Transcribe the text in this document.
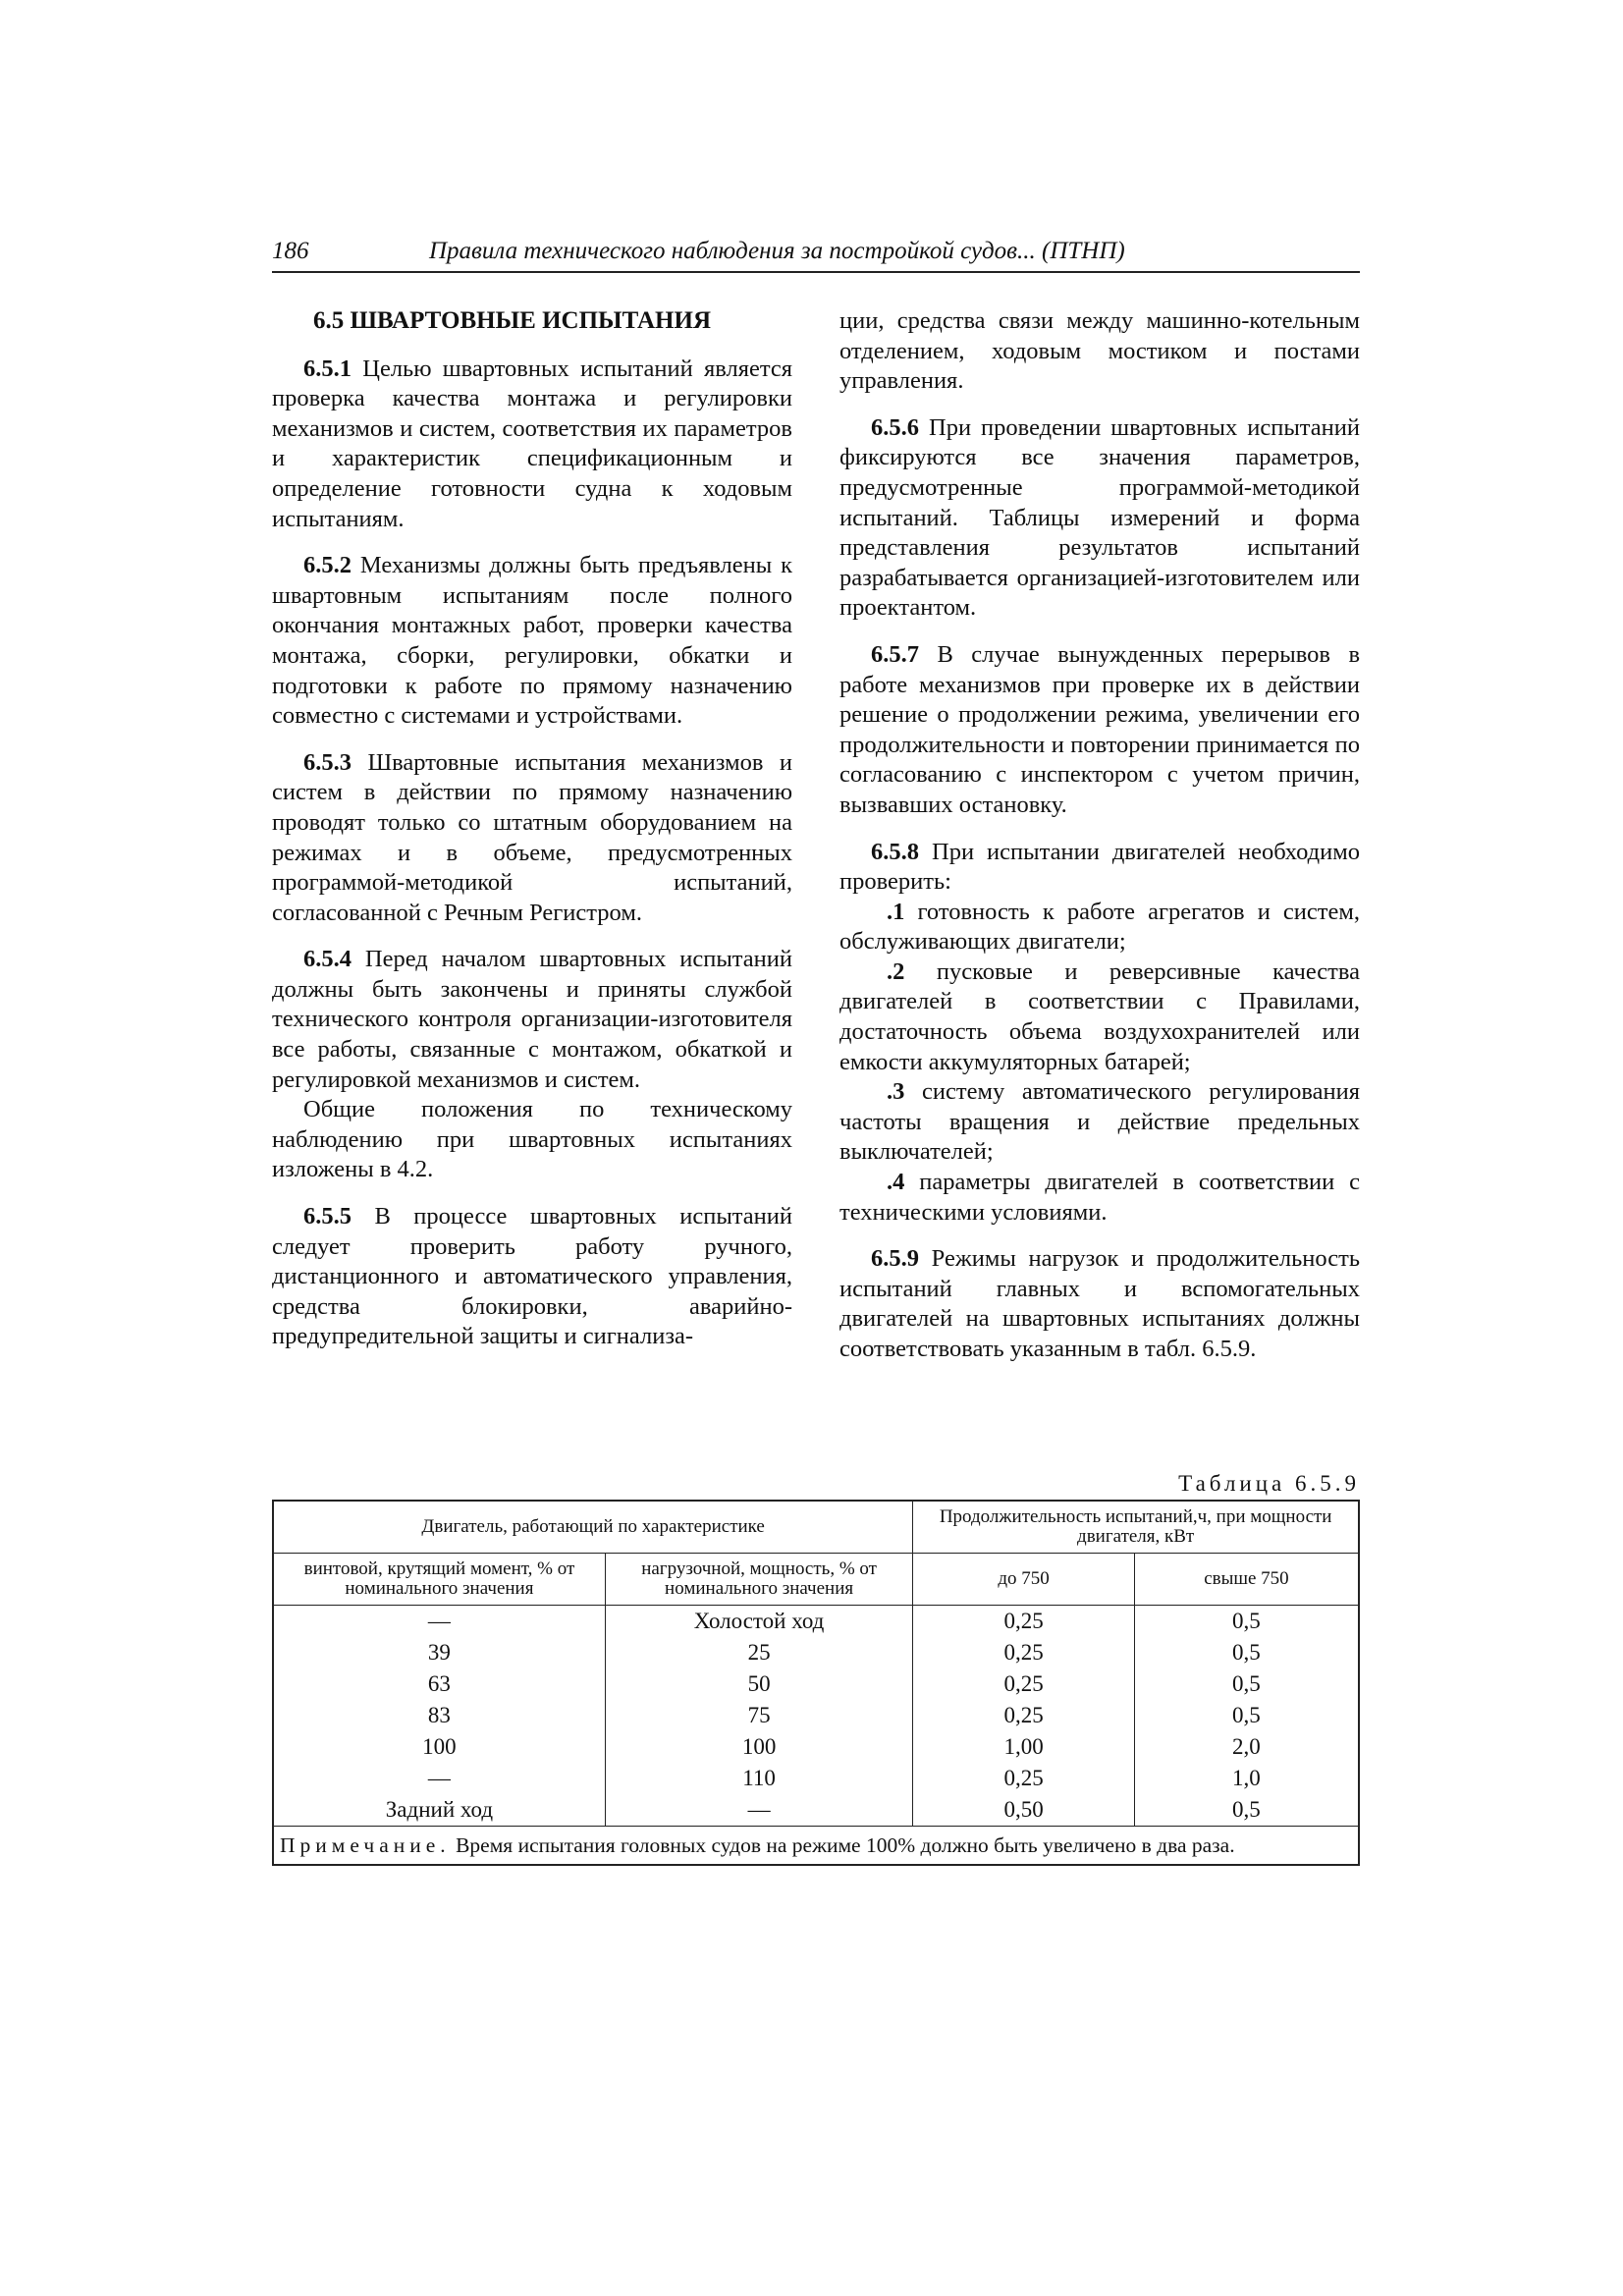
186	Правила технического наблюдения за постройкой судов... (ПТНП)
6.5 ШВАРТОВНЫЕ ИСПЫТАНИЯ

6.5.1 Целью швартовных испытаний является проверка качества монтажа и регулировки механизмов и систем, соответствия их параметров и характеристик спецификационным и определение готовности судна к ходовым испытаниям.

6.5.2 Механизмы должны быть предъявлены к швартовным испытаниям после полного окончания монтажных работ, проверки качества монтажа, сборки, регулировки, обкатки и подготовки к работе по прямому назначению совместно с системами и устройствами.

6.5.3 Швартовные испытания механизмов и систем в действии по прямому назначению проводят только со штатным оборудованием на режимах и в объеме, предусмотренных программой-методикой испытаний, согласованной с Речным Регистром.

6.5.4 Перед началом швартовных испытаний должны быть закончены и приняты службой технического контроля организации-изготовителя все работы, связанные с монтажом, обкаткой и регулировкой механизмов и систем.

Общие положения по техническому наблюдению при швартовных испытаниях изложены в 4.2.

6.5.5 В процессе швартовных испытаний следует проверить работу ручного, дистанционного и автоматического управления, средства блокировки, аварийно-предупредительной защиты и сигнализа-

ции, средства связи между машинно-котельным отделением, ходовым мостиком и постами управления.

6.5.6 При проведении швартовных испытаний фиксируются все значения параметров, предусмотренные программой-методикой испытаний. Таблицы измерений и форма представления результатов испытаний разрабатывается организацией-изготовителем или проектантом.

6.5.7 В случае вынужденных перерывов в работе механизмов при проверке их в действии решение о продолжении режима, увеличении его продолжительности и повторении принимается по согласованию с инспектором с учетом причин, вызвавших остановку.

6.5.8 При испытании двигателей необходимо проверить:

.1 готовность к работе агрегатов и систем, обслуживающих двигатели;

.2 пусковые и реверсивные качества двигателей в соответствии с Правилами, достаточность объема воздухохранителей или емкости аккумуляторных батарей;

.3 систему автоматического регулирования частоты вращения и действие предельных выключателей;

.4 параметры двигателей в соответствии с техническими условиями.

6.5.9 Режимы нагрузок и продолжительность испытаний главных и вспомогательных двигателей на швартовных испытаниях должны соответствовать указанным в табл. 6.5.9.

Таблица 6.5.9
Двигатель, работающий по характеристике		Продолжительность испытаний,ч, при мощности двигателя, кВт	
винтовой, крутящий момент, % от номинального значения	нагрузочной, мощность, % от номинального значения	до 750	свыше 750
—	Холостой ход	0,25	0,5
39	25	0,25	0,5
63	50	0,25	0,5
83	75	0,25	0,5
100	100	1,00	2,0
—	110	0,25	1,0
Задний ход	—	0,50	0,5
Примечание. Время испытания головных судов на режиме 100% должно быть увеличено в два раза.			
